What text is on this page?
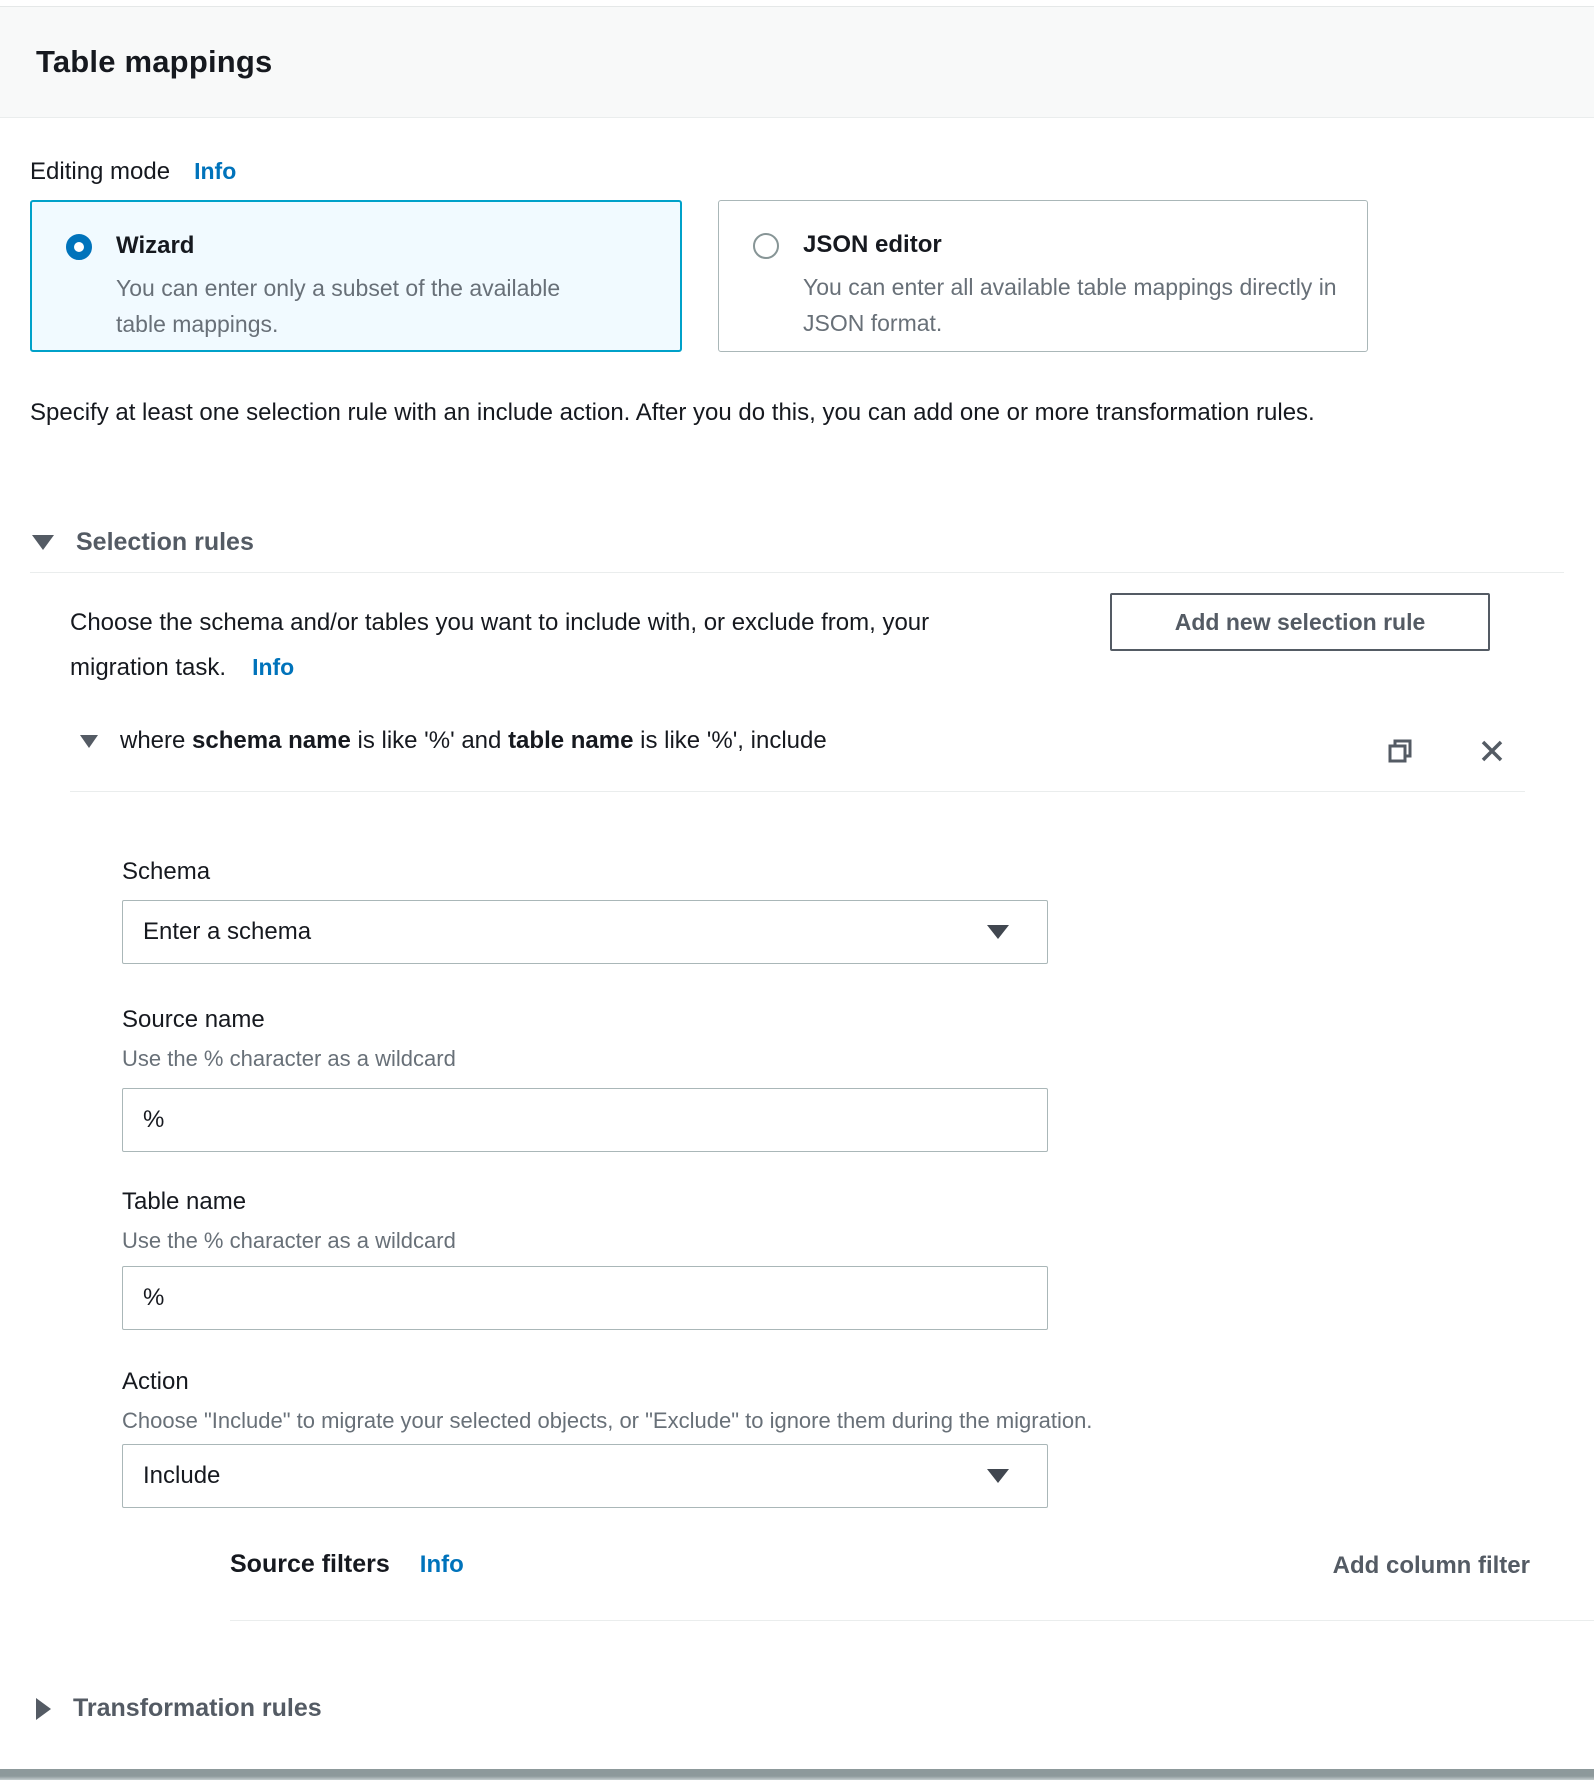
Table mappings
Editing mode Info
Wizard
You can enter only a subset of the available table mappings.
JSON editor
You can enter all available table mappings directly in JSON format.

Specify at least one selection rule with an include action. After you do this, you can add one or more transformation rules.

Selection rules
Choose the schema and/or tables you want to include with, or exclude from, your migration task. Info
Add new selection rule
where schema name is like '%' and table name is like '%', include
Schema
Enter a schema
Source name
Use the % character as a wildcard
%
Table name
Use the % character as a wildcard
%
Action
Choose "Include" to migrate your selected objects, or "Exclude" to ignore them during the migration.
Include
Source filters Info	Add column filter
Transformation rules
